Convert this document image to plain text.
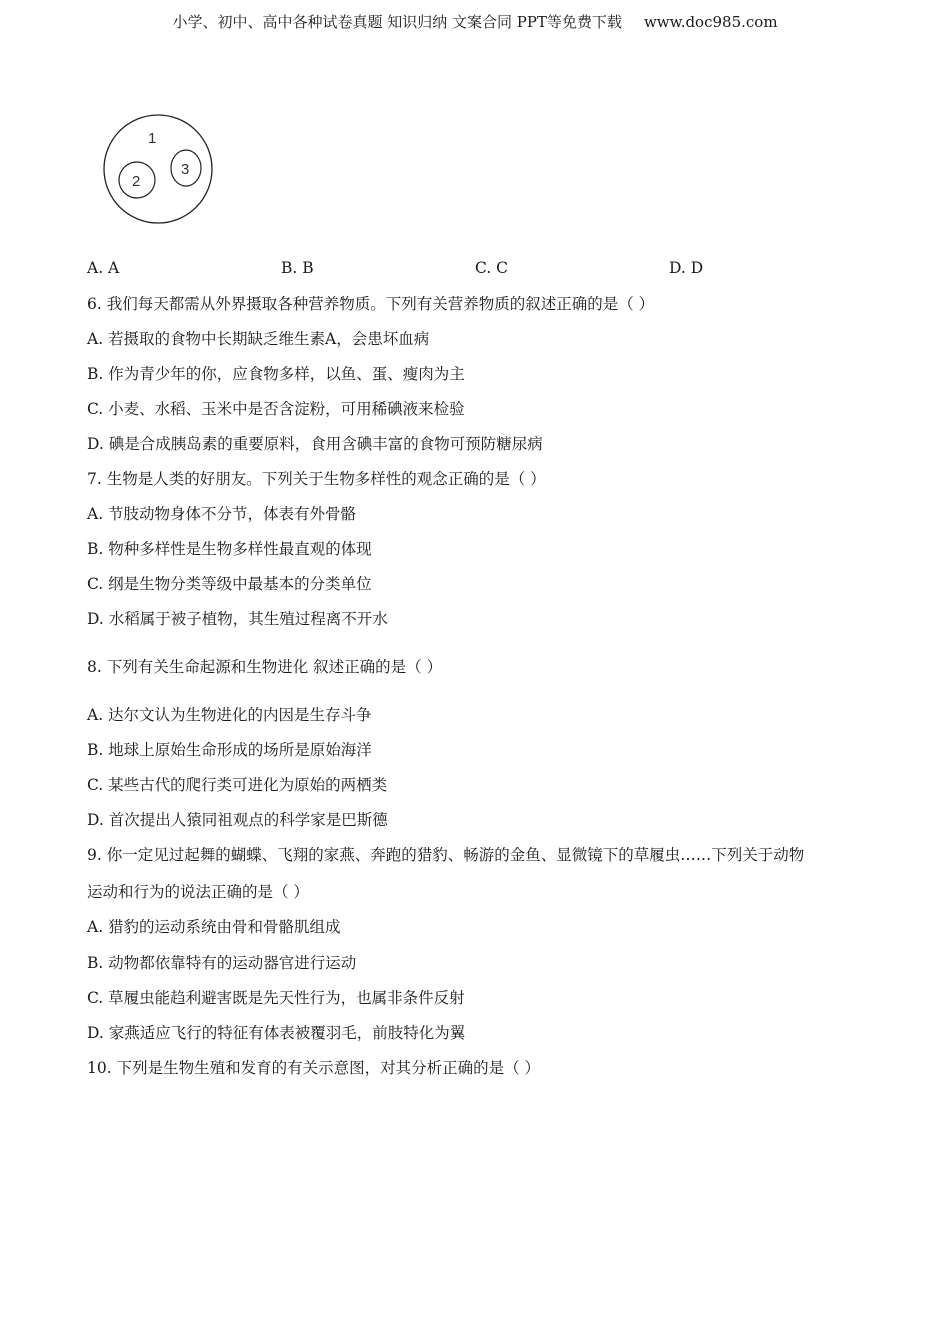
小学、初中、高中各种试卷真题 知识归纳 文案合同 PPT等免费下载 www.doc985.com
1
2
3
A. A	B. B	C. C	D. D
6. 我们每天都需从外界摄取各种营养物质。下列有关营养物质的叙述正确的是（ ）
A. 若摄取的食物中长期缺乏维生素A，会患坏血病
B. 作为青少年的你，应食物多样，以鱼、蛋、瘦肉为主
C. 小麦、水稻、玉米中是否含淀粉，可用稀碘液来检验
D. 碘是合成胰岛素的重要原料，食用含碘丰富的食物可预防糖尿病
7. 生物是人类的好朋友。下列关于生物多样性的观念正确的是（ ）
A. 节肢动物身体不分节，体表有外骨骼
B. 物种多样性是生物多样性最直观的体现
C. 纲是生物分类等级中最基本的分类单位
D. 水稻属于被子植物，其生殖过程离不开水
8. 下列有关生命起源和生物进化 叙述正确的是（ ）
A. 达尔文认为生物进化的内因是生存斗争
B. 地球上原始生命形成的场所是原始海洋
C. 某些古代的爬行类可进化为原始的两栖类
D. 首次提出人猿同祖观点的科学家是巴斯德
9. 你一定见过起舞的蝴蝶、飞翔的家燕、奔跑的猎豹、畅游的金鱼、显微镜下的草履虫……下列关于动物
运动和行为的说法正确的是（ ）
A. 猎豹的运动系统由骨和骨骼肌组成
B. 动物都依靠特有的运动器官进行运动
C. 草履虫能趋利避害既是先天性行为，也属非条件反射
D. 家燕适应飞行的特征有体表被覆羽毛，前肢特化为翼
10. 下列是生物生殖和发育的有关示意图，对其分析正确的是（ ）
